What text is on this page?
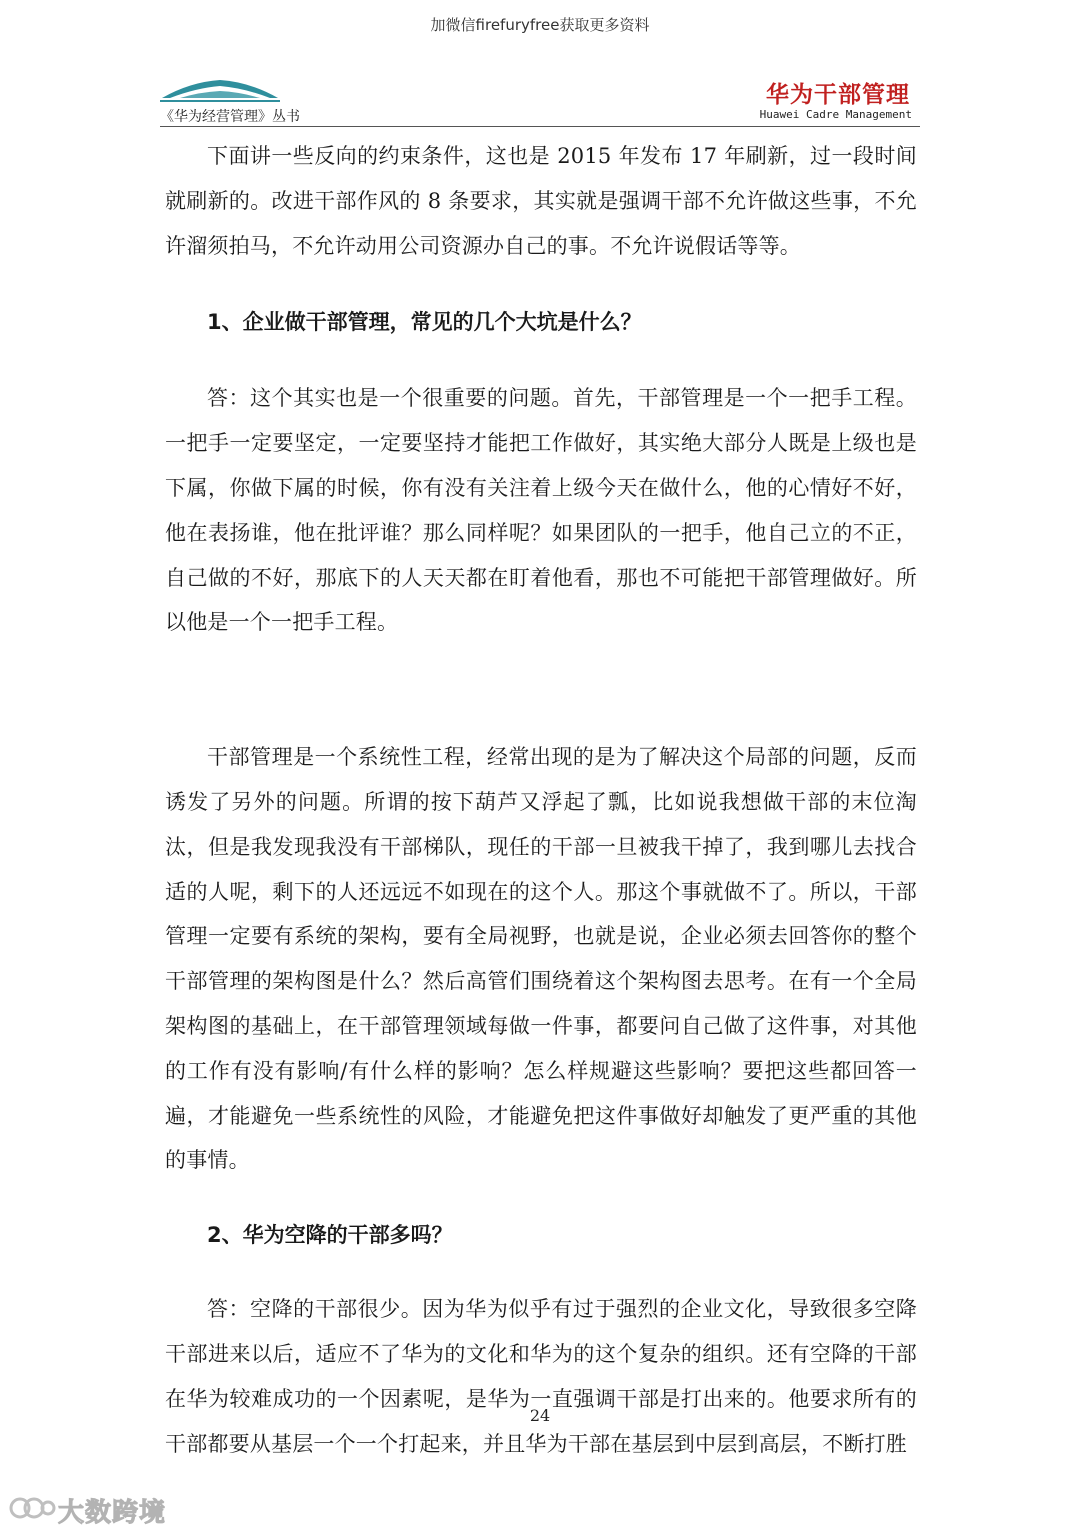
加微信firefuryfree获取更多资料
《华为经营管理》丛书
华为干部管理
Huawei Cadre Management

下面讲一些反向的约束条件，这也是 2015 年发布 17 年刷新，过一段时间就刷新的。改进干部作风的 8 条要求，其实就是强调干部不允许做这些事，不允许溜须拍马，不允许动用公司资源办自己的事。不允许说假话等等。

1、企业做干部管理，常见的几个大坑是什么？

答：这个其实也是一个很重要的问题。首先，干部管理是一个一把手工程。一把手一定要坚定，一定要坚持才能把工作做好，其实绝大部分人既是上级也是下属，你做下属的时候，你有没有关注着上级今天在做什么，他的心情好不好，他在表扬谁，他在批评谁？那么同样呢？如果团队的一把手，他自己立的不正，自己做的不好，那底下的人天天都在盯着他看，那也不可能把干部管理做好。所以他是一个一把手工程。

干部管理是一个系统性工程，经常出现的是为了解决这个局部的问题，反而诱发了另外的问题。所谓的按下葫芦又浮起了瓢，比如说我想做干部的末位淘汰，但是我发现我没有干部梯队，现任的干部一旦被我干掉了，我到哪儿去找合适的人呢，剩下的人还远远不如现在的这个人。那这个事就做不了。所以，干部管理一定要有系统的架构，要有全局视野，也就是说，企业必须去回答你的整个干部管理的架构图是什么？然后高管们围绕着这个架构图去思考。在有一个全局架构图的基础上，在干部管理领域每做一件事，都要问自己做了这件事，对其他的工作有没有影响/有什么样的影响？怎么样规避这些影响？要把这些都回答一遍，才能避免一些系统性的风险，才能避免把这件事做好却触发了更严重的其他的事情。

2、华为空降的干部多吗？

答：空降的干部很少。因为华为似乎有过于强烈的企业文化，导致很多空降干部进来以后，适应不了华为的文化和华为的这个复杂的组织。还有空降的干部在华为较难成功的一个因素呢，是华为一直强调干部是打出来的。他要求所有的干部都要从基层一个一个打起来，并且华为干部在基层到中层到高层，不断打胜

24
大数跨境
